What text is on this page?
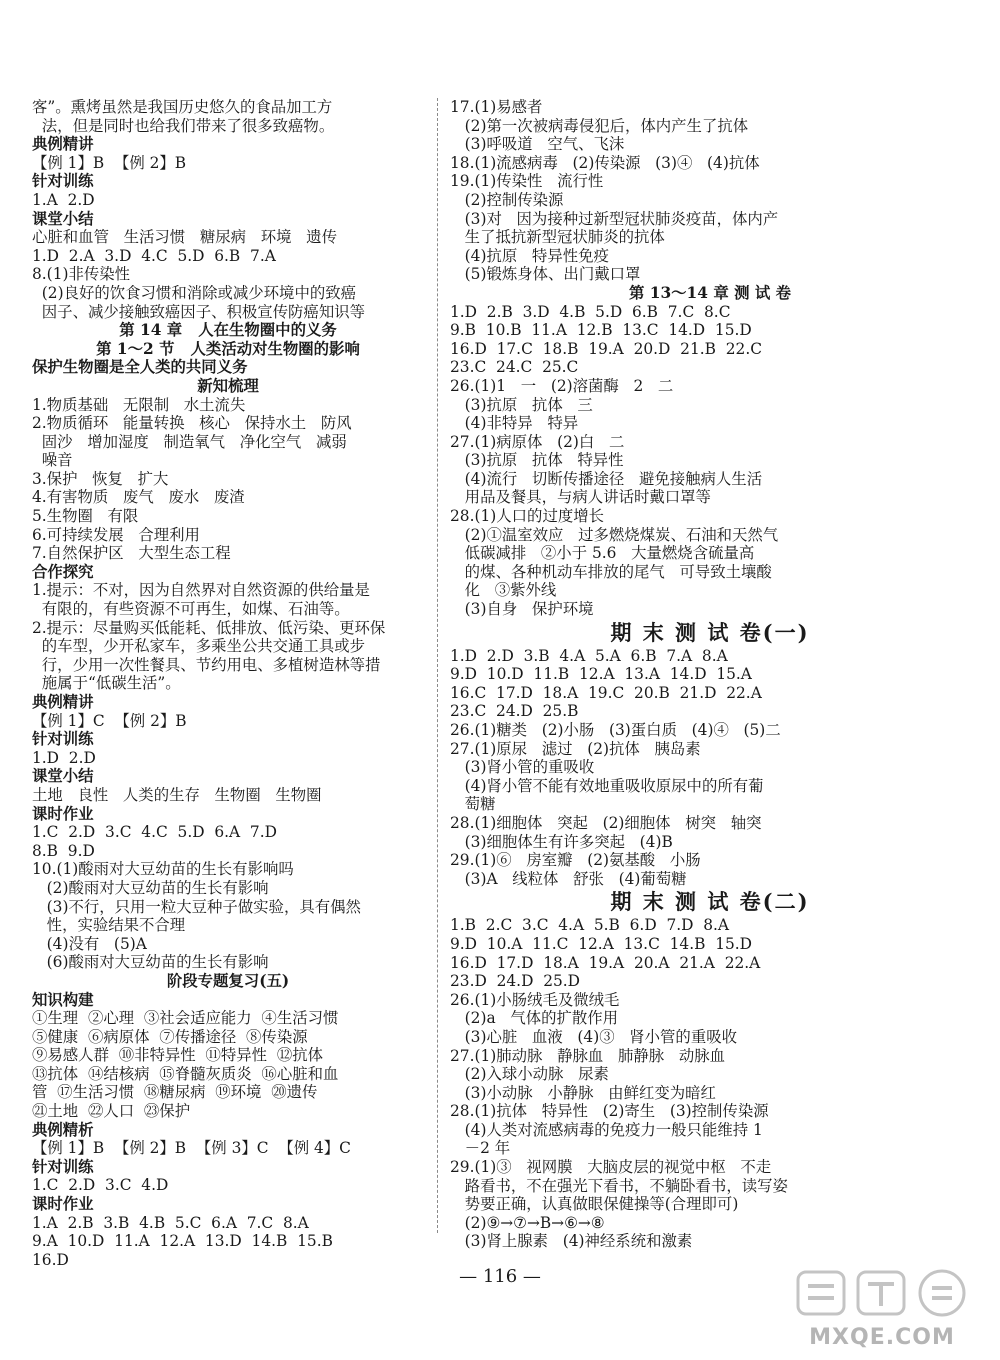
客”。熏烤虽然是我国历史悠久的食品加工方
法，但是同时也给我们带来了很多致癌物。
典例精讲
【例 1】B  【例 2】B
针对训练
1.A  2.D
课堂小结
心脏和血管   生活习惯   糖尿病   环境   遗传
1.D  2.A  3.D  4.C  5.D  6.B  7.A
8.(1)非传染性
(2)良好的饮食习惯和消除或减少环境中的致癌
因子、减少接触致癌因子、积极宣传防癌知识等
第 14 章   人在生物圈中的义务
第 1～2 节   人类活动对生物圈的影响
保护生物圈是全人类的共同义务
新知梳理
1.物质基础   无限制   水土流失
2.物质循环   能量转换   核心   保持水土   防风
固沙   增加湿度   制造氧气   净化空气   减弱
噪音
3.保护   恢复   扩大
4.有害物质   废气   废水   废渣
5.生物圈   有限
6.可持续发展   合理利用
7.自然保护区   大型生态工程
合作探究
1.提示：不对，因为自然界对自然资源的供给量是
有限的，有些资源不可再生，如煤、石油等。
2.提示：尽量购买低能耗、低排放、低污染、更环保
的车型，少开私家车，多乘坐公共交通工具或步
行，少用一次性餐具、节约用电、多植树造林等措
施属于“低碳生活”。
典例精讲
【例 1】C  【例 2】B
针对训练
1.D  2.D
课堂小结
土地   良性   人类的生存   生物圈   生物圈
课时作业
1.C  2.D  3.C  4.C  5.D  6.A  7.D
8.B  9.D
10.(1)酸雨对大豆幼苗的生长有影响吗
(2)酸雨对大豆幼苗的生长有影响
(3)不行，只用一粒大豆种子做实验，具有偶然
性，实验结果不合理
(4)没有   (5)A
(6)酸雨对大豆幼苗的生长有影响
阶段专题复习(五)
知识构建
①生理  ②心理  ③社会适应能力  ④生活习惯
⑤健康  ⑥病原体  ⑦传播途径  ⑧传染源
⑨易感人群  ⑩非特异性  ⑪特异性  ⑫抗体
⑬抗体  ⑭结核病  ⑮脊髓灰质炎  ⑯心脏和血
管  ⑰生活习惯  ⑱糖尿病  ⑲环境  ⑳遗传
㉑土地  ㉒人口  ㉓保护
典例精析
【例 1】B  【例 2】B  【例 3】C  【例 4】C
针对训练
1.C  2.D  3.C  4.D
课时作业
1.A  2.B  3.B  4.B  5.C  6.A  7.C  8.A
9.A  10.D  11.A  12.A  13.D  14.B  15.B
16.D
17.(1)易感者
(2)第一次被病毒侵犯后，体内产生了抗体
(3)呼吸道   空气、飞沫
18.(1)流感病毒   (2)传染源   (3)④   (4)抗体
19.(1)传染性   流行性
(2)控制传染源
(3)对   因为接种过新型冠状肺炎疫苗，体内产
生了抵抗新型冠状肺炎的抗体
(4)抗原   特异性免疫
(5)锻炼身体、出门戴口罩
第 13～14 章 测 试 卷
1.D  2.B  3.D  4.B  5.D  6.B  7.C  8.C
9.B  10.B  11.A  12.B  13.C  14.D  15.D
16.D  17.C  18.B  19.A  20.D  21.B  22.C
23.C  24.C  25.C
26.(1)1   一   (2)溶菌酶   2   二
(3)抗原   抗体   三
(4)非特异   特异
27.(1)病原体   (2)白   二
(3)抗原   抗体   特异性
(4)流行   切断传播途径   避免接触病人生活
用品及餐具，与病人讲话时戴口罩等
28.(1)人口的过度增长
(2)①温室效应   过多燃烧煤炭、石油和天然气
低碳减排   ②小于 5.6   大量燃烧含硫量高
的煤、各种机动车排放的尾气   可导致土壤酸
化   ③紫外线
(3)自身   保护环境
期 末 测 试 卷(一)
1.D  2.D  3.B  4.A  5.A  6.B  7.A  8.A
9.D  10.D  11.B  12.A  13.A  14.D  15.A
16.C  17.D  18.A  19.C  20.B  21.D  22.A
23.C  24.D  25.B
26.(1)糖类   (2)小肠   (3)蛋白质   (4)④   (5)二
27.(1)原尿   滤过   (2)抗体   胰岛素
(3)肾小管的重吸收
(4)肾小管不能有效地重吸收原尿中的所有葡
萄糖
28.(1)细胞体   突起   (2)细胞体   树突   轴突
(3)细胞体生有许多突起   (4)B
29.(1)⑥   房室瓣   (2)氨基酸   小肠
(3)A   线粒体   舒张   (4)葡萄糖
期 末 测 试 卷(二)
1.B  2.C  3.C  4.A  5.B  6.D  7.D  8.A
9.D  10.A  11.C  12.A  13.C  14.B  15.D
16.D  17.D  18.A  19.A  20.A  21.A  22.A
23.D  24.D  25.D
26.(1)小肠绒毛及微绒毛
(2)a   气体的扩散作用
(3)心脏   血液   (4)③   肾小管的重吸收
27.(1)肺动脉   静脉血   肺静脉   动脉血
(2)入球小动脉   尿素
(3)小动脉   小静脉   由鲜红变为暗红
28.(1)抗体   特异性   (2)寄生   (3)控制传染源
(4)人类对流感病毒的免疫力一般只能维持 1
－2 年
29.(1)③   视网膜   大脑皮层的视觉中枢   不走
路看书，不在强光下看书，不躺卧看书，读写姿
势要正确，认真做眼保健操等(合理即可)
(2)⑨→⑦→B→⑥→⑧
(3)肾上腺素   (4)神经系统和激素
— 116 —
MXQE.COM
